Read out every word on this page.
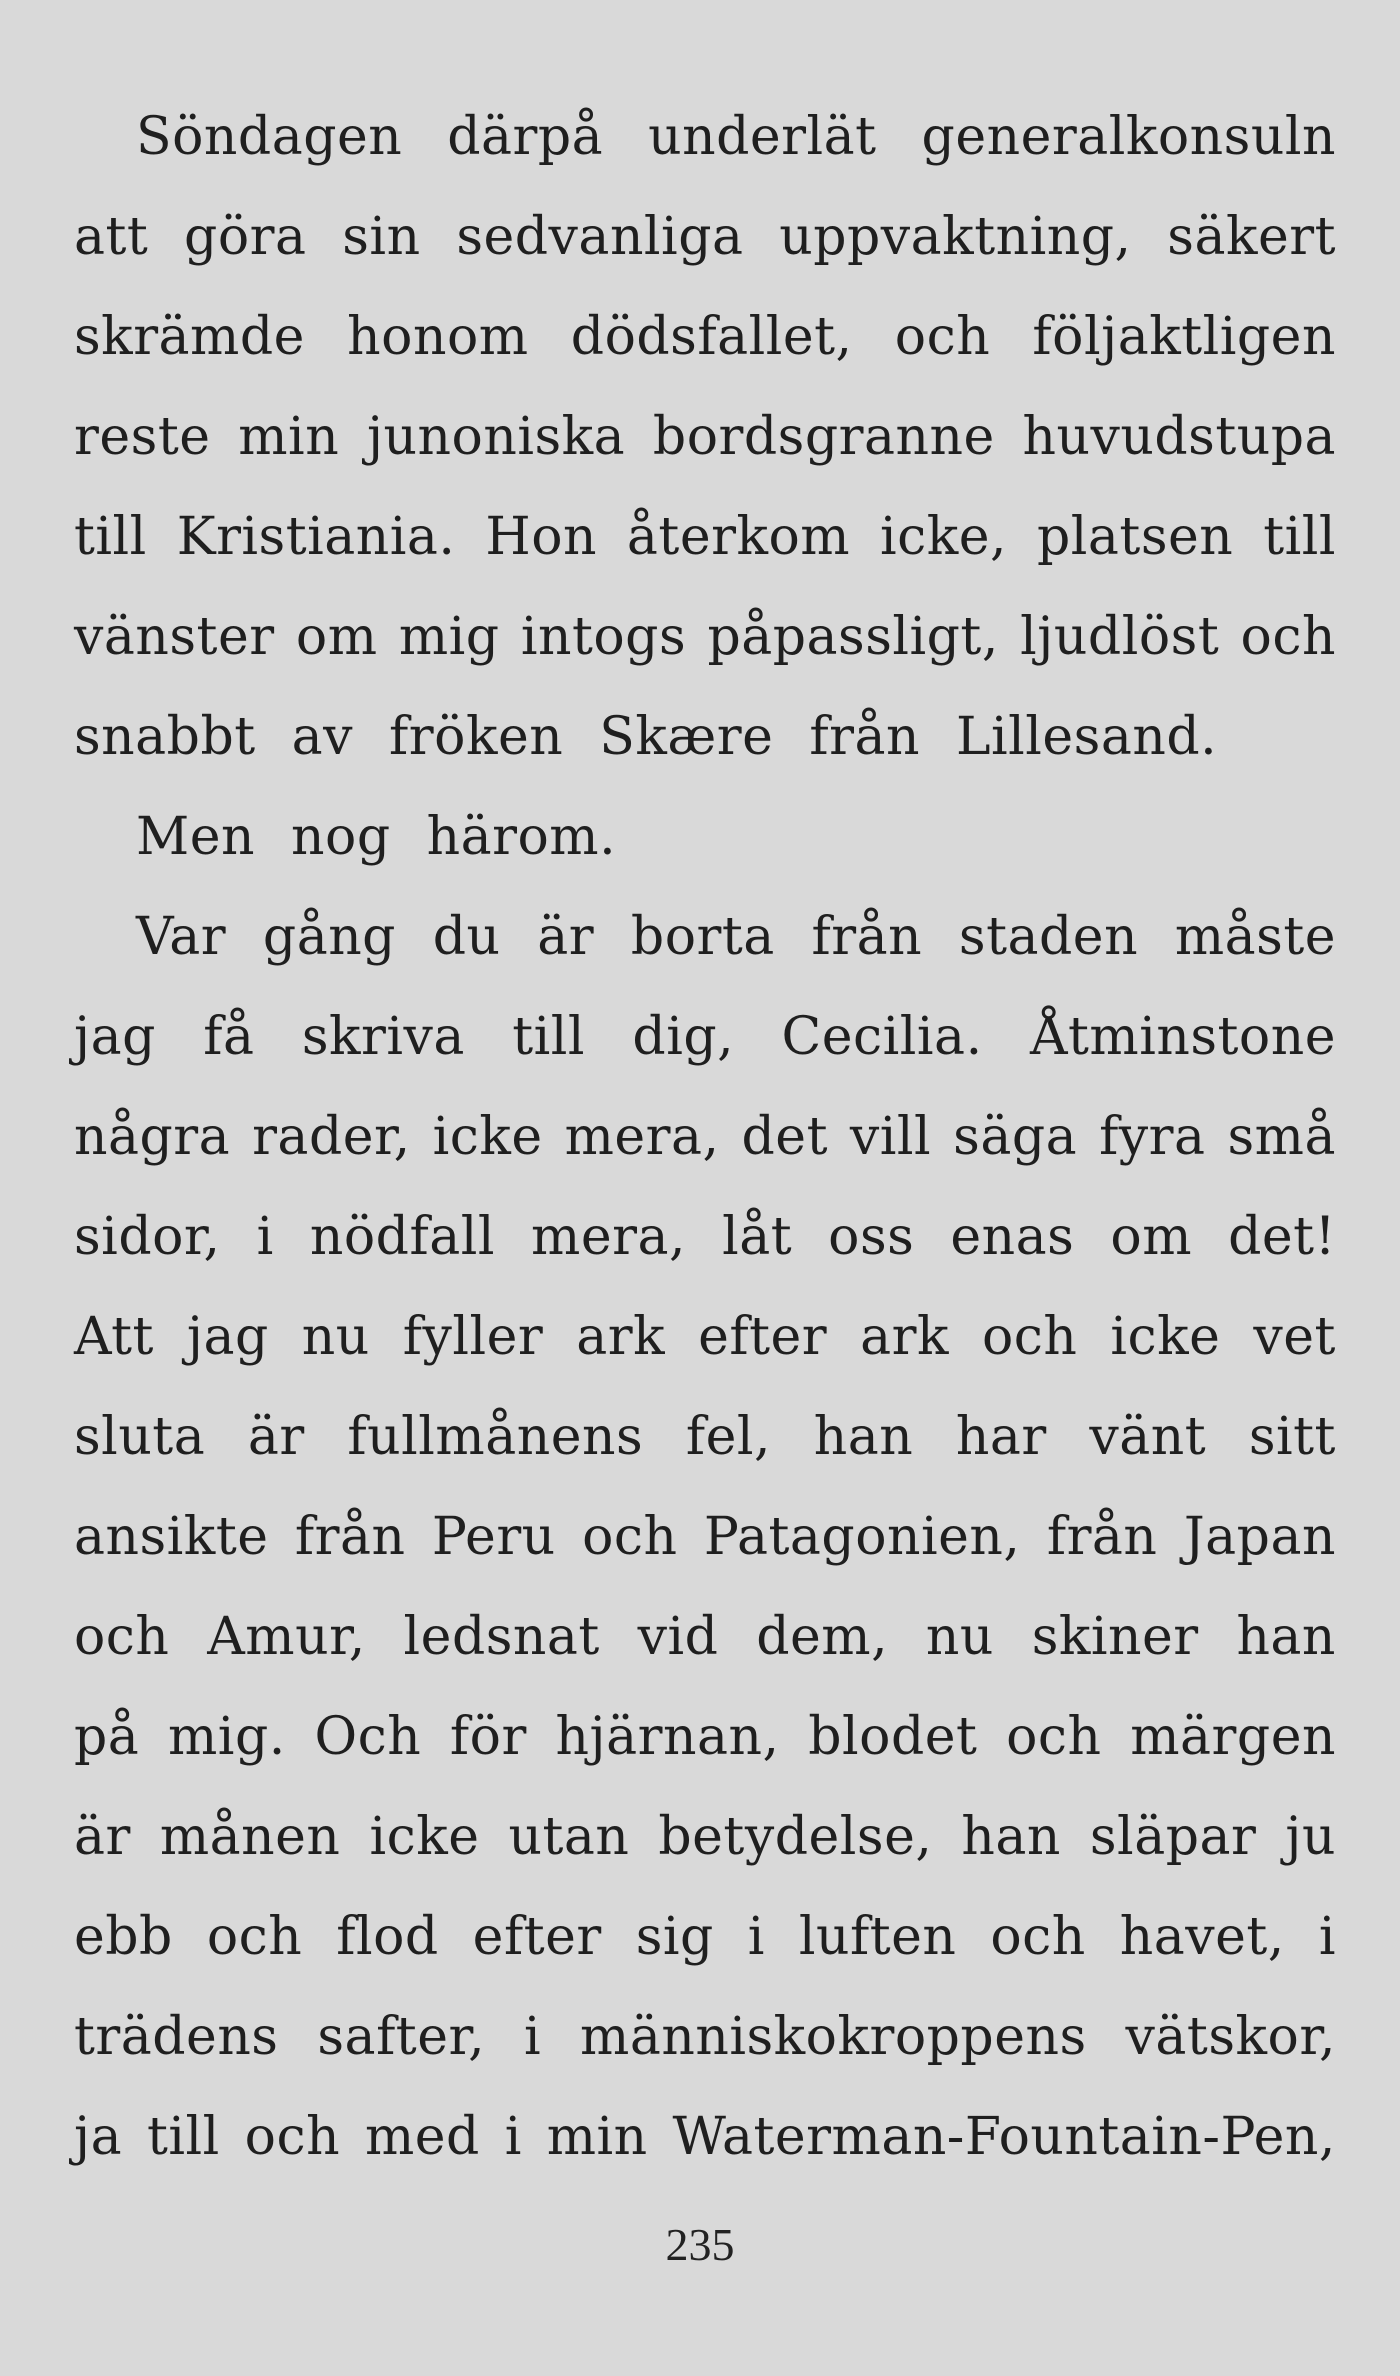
Söndagen därpå underlät generalkonsuln
att göra sin sedvanliga uppvaktning, säkert
skrämde honom dödsfallet, och följaktligen
reste min junoniska bordsgranne huvudstupa
till Kristiania. Hon återkom icke, platsen till
vänster om mig intogs påpassligt, ljudlöst och
snabbt av fröken Skære från Lillesand.
Men nog härom.
Var gång du är borta från staden måste
jag få skriva till dig, Cecilia. Åtminstone
några rader, icke mera, det vill säga fyra små
sidor, i nödfall mera, låt oss enas om det!
Att jag nu fyller ark efter ark och icke vet
sluta är fullmånens fel, han har vänt sitt
ansikte från Peru och Patagonien, från Japan
och Amur, ledsnat vid dem, nu skiner han
på mig. Och för hjärnan, blodet och märgen
är månen icke utan betydelse, han släpar ju
ebb och flod efter sig i luften och havet, i
trädens safter, i människokroppens vätskor,
ja till och med i min Waterman-Fountain-Pen,
235
